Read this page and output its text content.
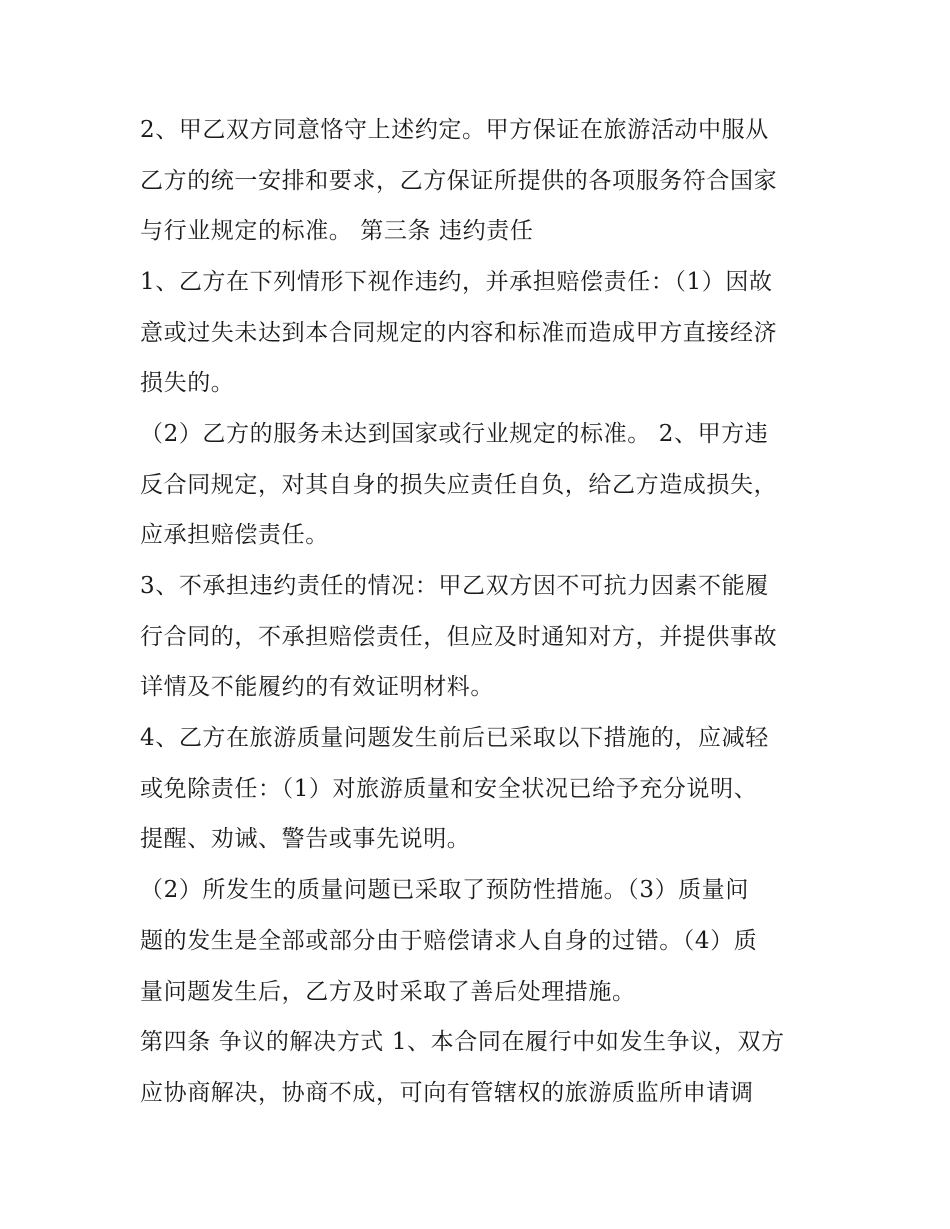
2、甲乙双方同意恪守上述约定。甲方保证在旅游活动中服从
乙方的统一安排和要求，乙方保证所提供的各项服务符合国家
与行业规定的标准。 第三条 违约责任
1、乙方在下列情形下视作违约，并承担赔偿责任：（1）因故
意或过失未达到本合同规定的内容和标准而造成甲方直接经济
损失的。
（2）乙方的服务未达到国家或行业规定的标准。 2、甲方违
反合同规定，对其自身的损失应责任自负，给乙方造成损失，
应承担赔偿责任。
3、不承担违约责任的情况：甲乙双方因不可抗力因素不能履
行合同的，不承担赔偿责任，但应及时通知对方，并提供事故
详情及不能履约的有效证明材料。
4、乙方在旅游质量问题发生前后已采取以下措施的，应减轻
或免除责任：（1）对旅游质量和安全状况已给予充分说明、
提醒、劝诫、警告或事先说明。
（2）所发生的质量问题已采取了预防性措施。（3）质量问
题的发生是全部或部分由于赔偿请求人自身的过错。（4）质
量问题发生后，乙方及时采取了善后处理措施。
第四条 争议的解决方式 1、本合同在履行中如发生争议，双方
应协商解决，协商不成，可向有管辖权的旅游质监所申请调
